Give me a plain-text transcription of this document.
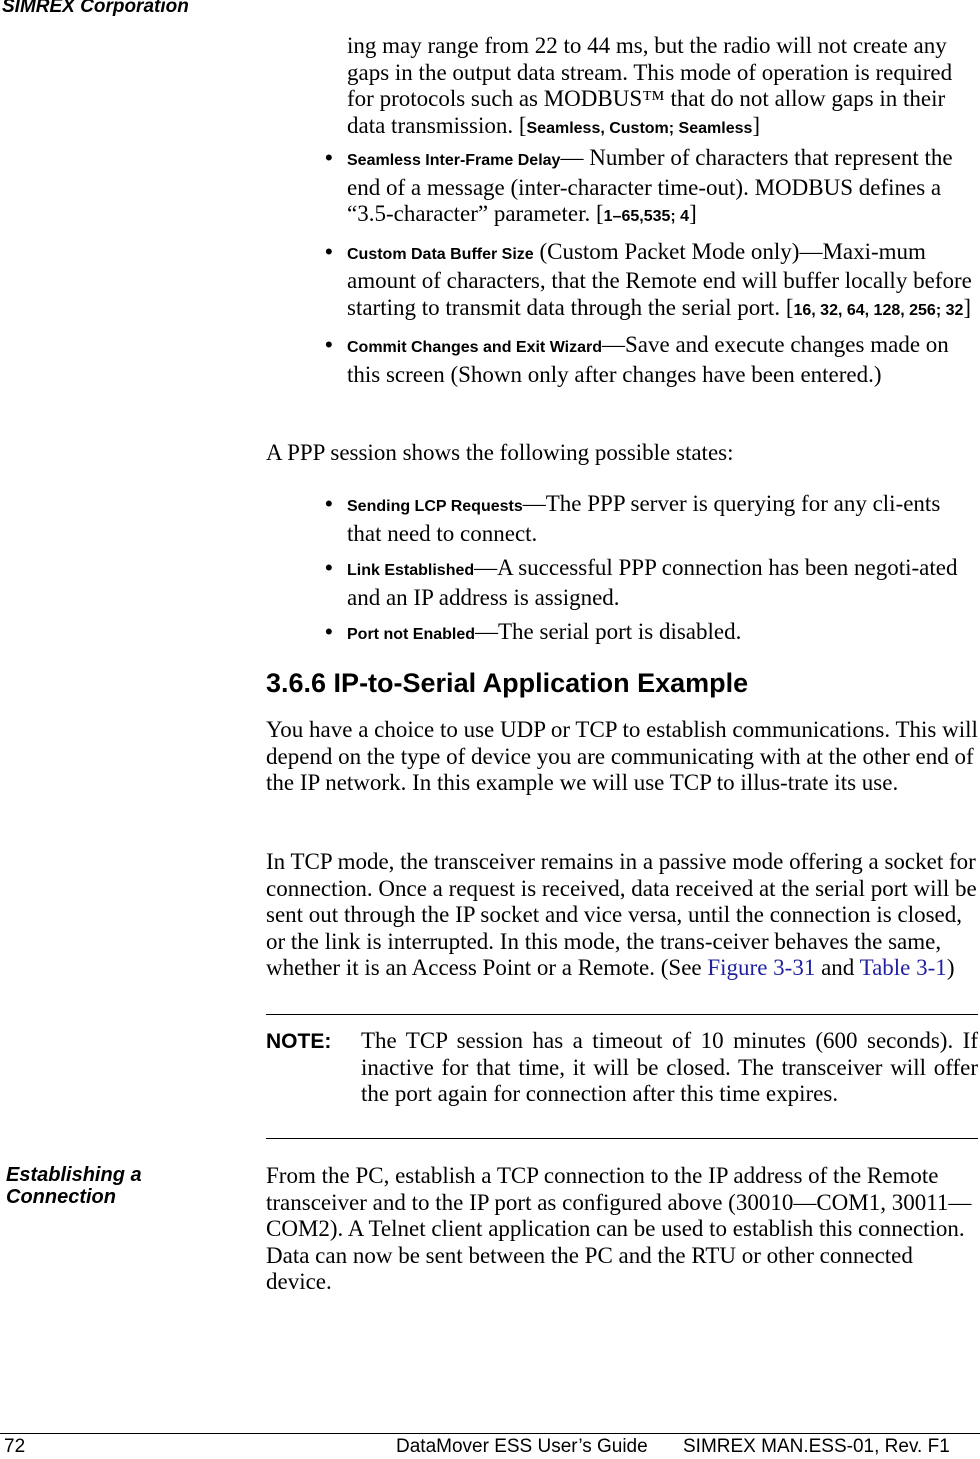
SIMREX Corporation

ing may range from 22 to 44 ms, but the radio will not create any gaps in the output data stream. This mode of operation is required for protocols such as MODBUS™ that do not allow gaps in their data transmission. [Seamless, Custom; Seamless]

• Seamless Inter-Frame Delay— Number of characters that represent the end of a message (inter-character time-out). MODBUS defines a “3.5-character” parameter. [1–65,535; 4]
• Custom Data Buffer Size (Custom Packet Mode only)—Maxi-mum amount of characters, that the Remote end will buffer locally before starting to transmit data through the serial port. [16, 32, 64, 128, 256; 32]
• Commit Changes and Exit Wizard—Save and execute changes made on this screen (Shown only after changes have been entered.)

A PPP session shows the following possible states:

• Sending LCP Requests—The PPP server is querying for any cli-ents that need to connect.
• Link Established—A successful PPP connection has been negoti-ated and an IP address is assigned.
• Port not Enabled—The serial port is disabled.
3.6.6 IP-to-Serial Application Example

You have a choice to use UDP or TCP to establish communications. This will depend on the type of device you are communicating with at the other end of the IP network. In this example we will use TCP to illus-trate its use.

In TCP mode, the transceiver remains in a passive mode offering a socket for connection. Once a request is received, data received at the serial port will be sent out through the IP socket and vice versa, until the connection is closed, or the link is interrupted. In this mode, the trans-ceiver behaves the same, whether it is an Access Point or a Remote. (See Figure 3-31 and Table 3-1)

NOTE: The TCP session has a timeout of 10 minutes (600 seconds). If inactive for that time, it will be closed. The transceiver will offer the port again for connection after this time expires.

Establishing a Connection

From the PC, establish a TCP connection to the IP address of the Remote transceiver and to the IP port as configured above (30010—COM1, 30011—COM2). A Telnet client application can be used to establish this connection. Data can now be sent between the PC and the RTU or other connected device.

72	DataMover ESS User’s Guide SIMREX MAN.ESS-01, Rev. F1
